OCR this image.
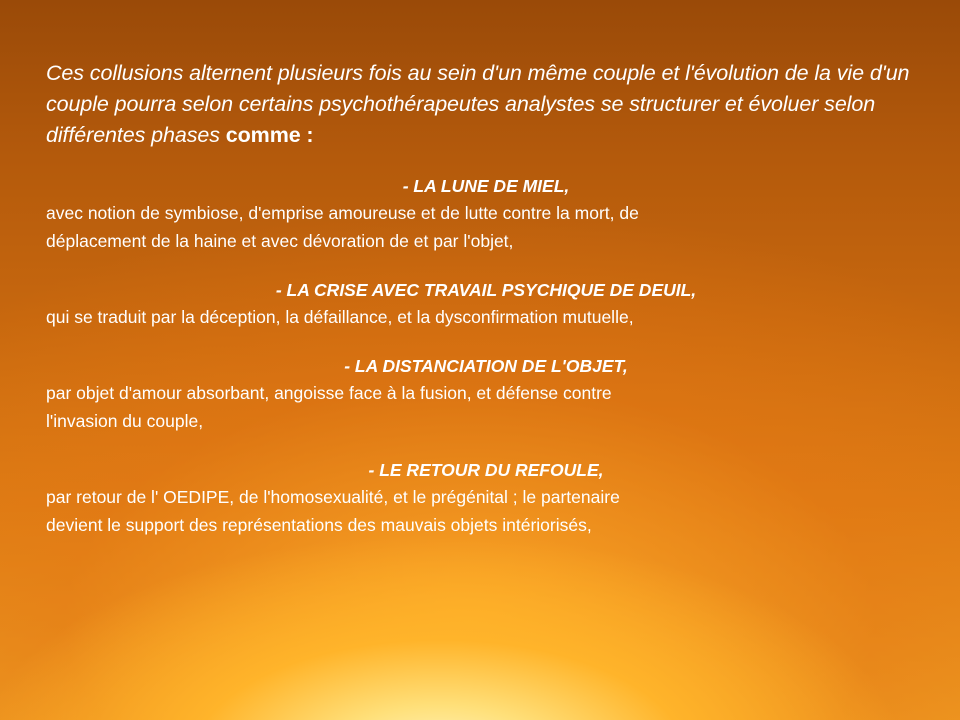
Ces collusions alternent plusieurs fois au sein d'un même couple et l'évolution de la vie d'un couple pourra selon certains psychothérapeutes analystes se structurer et évoluer selon différentes phases comme :

- LA LUNE DE MIEL,

avec notion de symbiose, d'emprise amoureuse et de lutte contre la mort, de
déplacement de la haine et avec dévoration de et par l'objet,

- LA CRISE AVEC TRAVAIL PSYCHIQUE DE DEUIL,

qui se traduit par la déception, la défaillance, et la dysconfirmation mutuelle,

- LA DISTANCIATION DE L'OBJET,

par objet d'amour absorbant, angoisse face à la fusion, et défense contre
l'invasion du couple,

- LE RETOUR DU REFOULE,

par retour de l' OEDIPE, de l'homosexualité, et le prégénital ; le partenaire
devient le support des représentations des mauvais objets intériorisés,
